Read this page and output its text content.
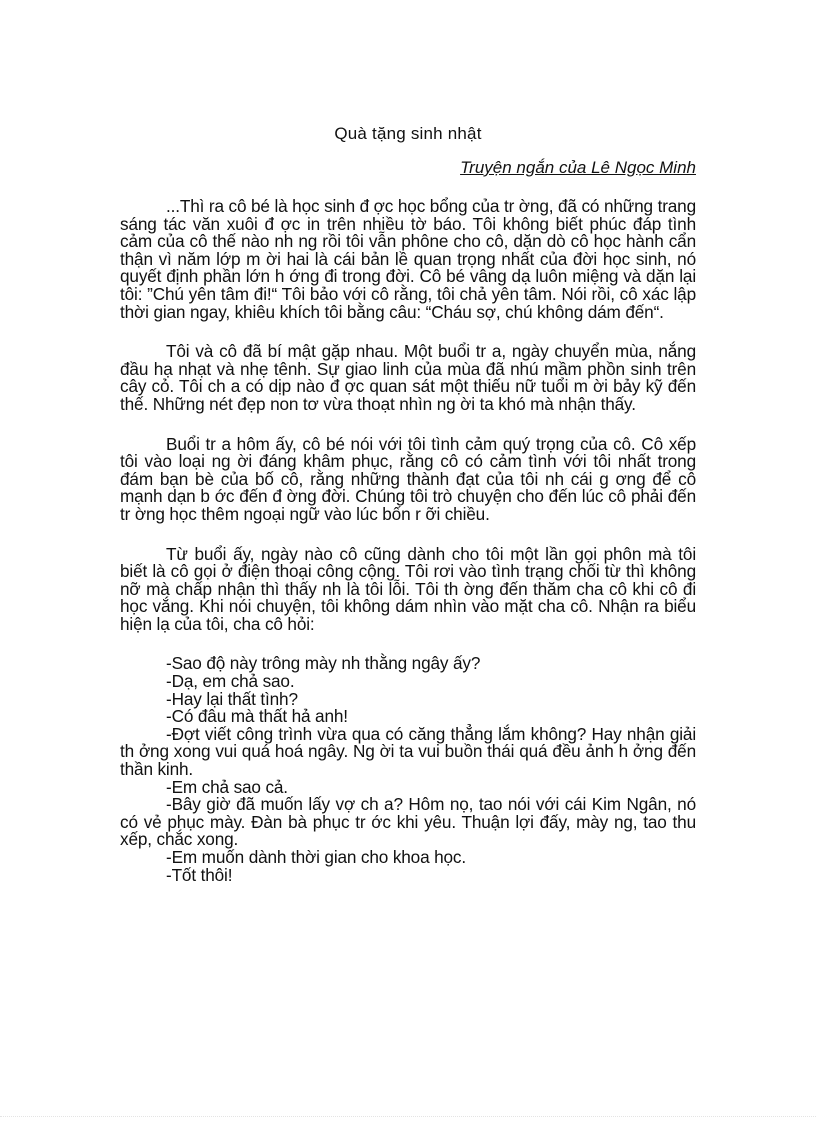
Quà tặng sinh nhật
Truyện ngắn của Lê Ngọc Minh

...Thì ra cô bé là học sinh đ ợc học bổng của tr ờng, đã có những trang sáng tác văn xuôi đ ợc in trên nhiều tờ báo. Tôi không biết phúc đáp tình cảm của cô thế nào nh ng rồi tôi vẫn phône cho cô, dặn dò cô học hành cẩn thận vì năm lớp m ời hai là cái bản lề quan trọng nhất của đời học sinh, nó quyết định phần lớn h ớng đi trong đời. Cô bé vâng dạ luôn miệng và dặn lại tôi: ”Chú yên tâm đi!“ Tôi bảo với cô rằng, tôi chả yên tâm. Nói rồi, cô xác lập thời gian ngay, khiêu khích tôi bằng câu: “Cháu sợ, chú không dám đến“.

Tôi và cô đã bí mật gặp nhau. Một buổi tr a, ngày chuyển mùa, nắng đầu hạ nhạt và nhẹ tênh. Sự giao linh của mùa đã nhú mầm phồn sinh trên cây cỏ. Tôi ch a có dịp nào đ ợc quan sát một thiếu nữ tuổi m ời bảy kỹ đến thế. Những nét đẹp non tơ vừa thoạt nhìn ng ời ta khó mà nhận thấy.

Buổi tr a hôm ấy, cô bé nói với tôi tình cảm quý trọng của cô. Cô xếp tôi vào loại ng ời đáng khâm phục, rằng cô có cảm tình với tôi nhất trong đám bạn bè của bố cô, rằng những thành đạt của tôi nh cái g ơng để cô mạnh dạn b ớc đến đ ờng đời. Chúng tôi trò chuyện cho đến lúc cô phải đến tr ờng học thêm ngoại ngữ vào lúc bốn r ỡi chiều.

Từ buổi ấy, ngày nào cô cũng dành cho tôi một lần gọi phôn mà tôi biết là cô gọi ở điện thoại công cộng. Tôi rơi vào tình trạng chối từ thì không nỡ mà chấp nhận thì thấy nh là tôi lỗi. Tôi th ờng đến thăm cha cô khi cô đi học vắng. Khi nói chuyện, tôi không dám nhìn vào mặt cha cô. Nhận ra biểu hiện lạ của tôi, cha cô hỏi:

-Sao độ này trông mày nh thằng ngây ấy?

-Dạ, em chả sao.

-Hay lại thất tình?

-Có đâu mà thất hả anh!

-Đợt viết công trình vừa qua có căng thẳng lắm không? Hay nhận giải th ởng xong vui quá hoá ngây. Ng ời ta vui buồn thái quá đều ảnh h ởng đến thần kinh.

-Em chả sao cả.

-Bây giờ đã muốn lấy vợ ch a? Hôm nọ, tao nói với cái Kim Ngân, nó có vẻ phục mày. Đàn bà phục tr ớc khi yêu. Thuận lợi đấy, mày ng, tao thu xếp, chắc xong.

-Em muốn dành thời gian cho khoa học.

-Tốt thôi!
